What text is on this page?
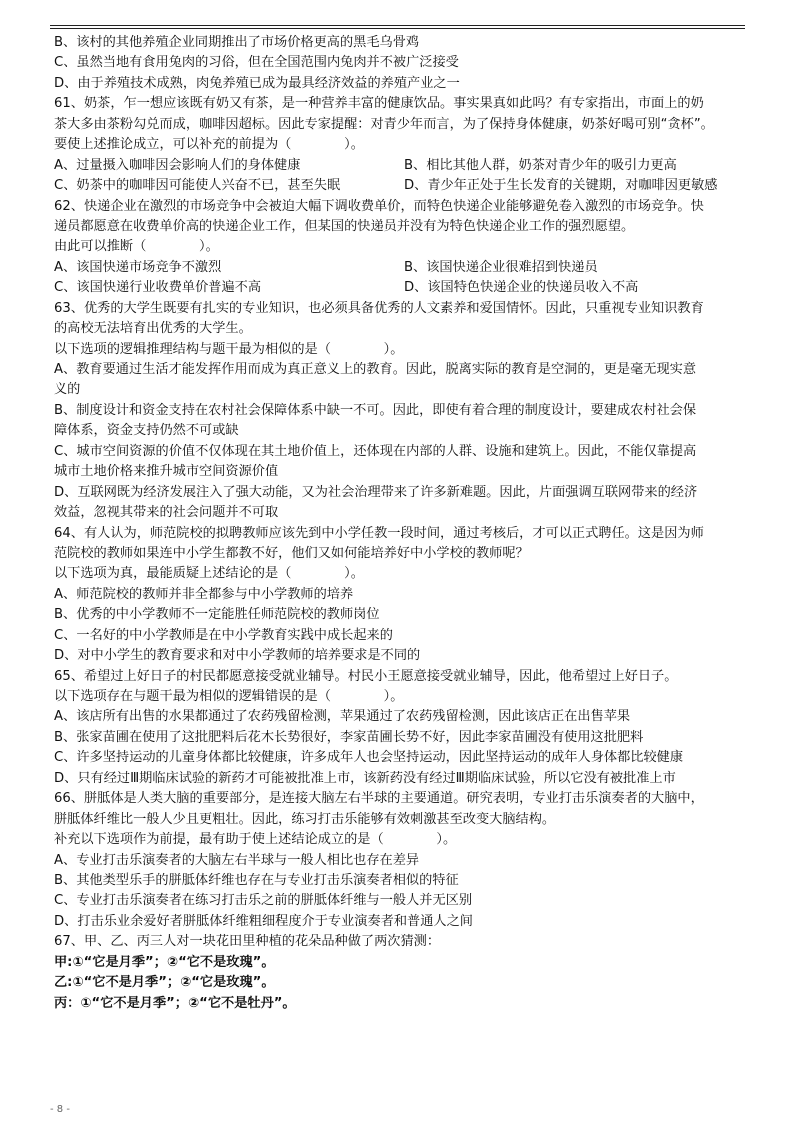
B、该村的其他养殖企业同期推出了市场价格更高的黑毛乌骨鸡
C、虽然当地有食用兔肉的习俗，但在全国范围内兔肉并不被广泛接受
D、由于养殖技术成熟，肉兔养殖已成为最具经济效益的养殖产业之一
61、奶茶，乍一想应该既有奶又有茶，是一种营养丰富的健康饮品。事实果真如此吗？有专家指出，市面上的奶
茶大多由茶粉勾兑而成，咖啡因超标。因此专家提醒：对青少年而言，为了保持身体健康，奶茶好喝可别“贪杯”。
要使上述推论成立，可以补充的前提为（　　　　）。
A、过量摄入咖啡因会影响人们的身体健康	B、相比其他人群，奶茶对青少年的吸引力更高
C、奶茶中的咖啡因可能使人兴奋不已，甚至失眠	D、青少年正处于生长发育的关键期，对咖啡因更敏感
62、快递企业在激烈的市场竞争中会被迫大幅下调收费单价，而特色快递企业能够避免卷入激烈的市场竞争。快
递员都愿意在收费单价高的快递企业工作，但某国的快递员并没有为特色快递企业工作的强烈愿望。
由此可以推断（　　　　）。
A、该国快递市场竞争不激烈	B、该国快递企业很难招到快递员
C、该国快递行业收费单价普遍不高	D、该国特色快递企业的快递员收入不高
63、优秀的大学生既要有扎实的专业知识，也必须具备优秀的人文素养和爱国情怀。因此，只重视专业知识教育
的高校无法培育出优秀的大学生。
以下选项的逻辑推理结构与题干最为相似的是（　　　　）。
A、教育要通过生活才能发挥作用而成为真正意义上的教育。因此，脱离实际的教育是空洞的，更是毫无现实意
义的
B、制度设计和资金支持在农村社会保障体系中缺一不可。因此，即使有着合理的制度设计，要建成农村社会保
障体系，资金支持仍然不可或缺
C、城市空间资源的价值不仅体现在其土地价值上，还体现在内部的人群、设施和建筑上。因此，不能仅靠提高
城市土地价格来推升城市空间资源价值
D、互联网既为经济发展注入了强大动能，又为社会治理带来了许多新难题。因此，片面强调互联网带来的经济
效益，忽视其带来的社会问题并不可取
64、有人认为，师范院校的拟聘教师应该先到中小学任教一段时间，通过考核后，才可以正式聘任。这是因为师
范院校的教师如果连中小学生都教不好，他们又如何能培养好中小学校的教师呢？
以下选项为真，最能质疑上述结论的是（　　　　）。
A、师范院校的教师并非全都参与中小学教师的培养
B、优秀的中小学教师不一定能胜任师范院校的教师岗位
C、一名好的中小学教师是在中小学教育实践中成长起来的
D、对中小学生的教育要求和对中小学教师的培养要求是不同的
65、希望过上好日子的村民都愿意接受就业辅导。村民小王愿意接受就业辅导，因此，他希望过上好日子。
以下选项存在与题干最为相似的逻辑错误的是（　　　　）。
A、该店所有出售的水果都通过了农药残留检测，苹果通过了农药残留检测，因此该店正在出售苹果
B、张家苗圃在使用了这批肥料后花木长势很好，李家苗圃长势不好，因此李家苗圃没有使用这批肥料
C、许多坚持运动的儿童身体都比较健康，许多成年人也会坚持运动，因此坚持运动的成年人身体都比较健康
D、只有经过Ⅲ期临床试验的新药才可能被批准上市，该新药没有经过Ⅲ期临床试验，所以它没有被批准上市
66、胼胝体是人类大脑的重要部分，是连接大脑左右半球的主要通道。研究表明，专业打击乐演奏者的大脑中，
胼胝体纤维比一般人少且更粗壮。因此，练习打击乐能够有效刺激甚至改变大脑结构。
补充以下选项作为前提，最有助于使上述结论成立的是（　　　　）。
A、专业打击乐演奏者的大脑左右半球与一般人相比也存在差异
B、其他类型乐手的胼胝体纤维也存在与专业打击乐演奏者相似的特征
C、专业打击乐演奏者在练习打击乐之前的胼胝体纤维与一般人并无区别
D、打击乐业余爱好者胼胝体纤维粗细程度介于专业演奏者和普通人之间
67、甲、乙、丙三人对一块花田里种植的花朵品种做了两次猜测：
甲:①“它是月季”；②“它不是玫瑰”。
乙:①“它不是月季”；②“它是玫瑰”。
丙：①“它不是月季”；②“它不是牡丹”。
- 8 -
